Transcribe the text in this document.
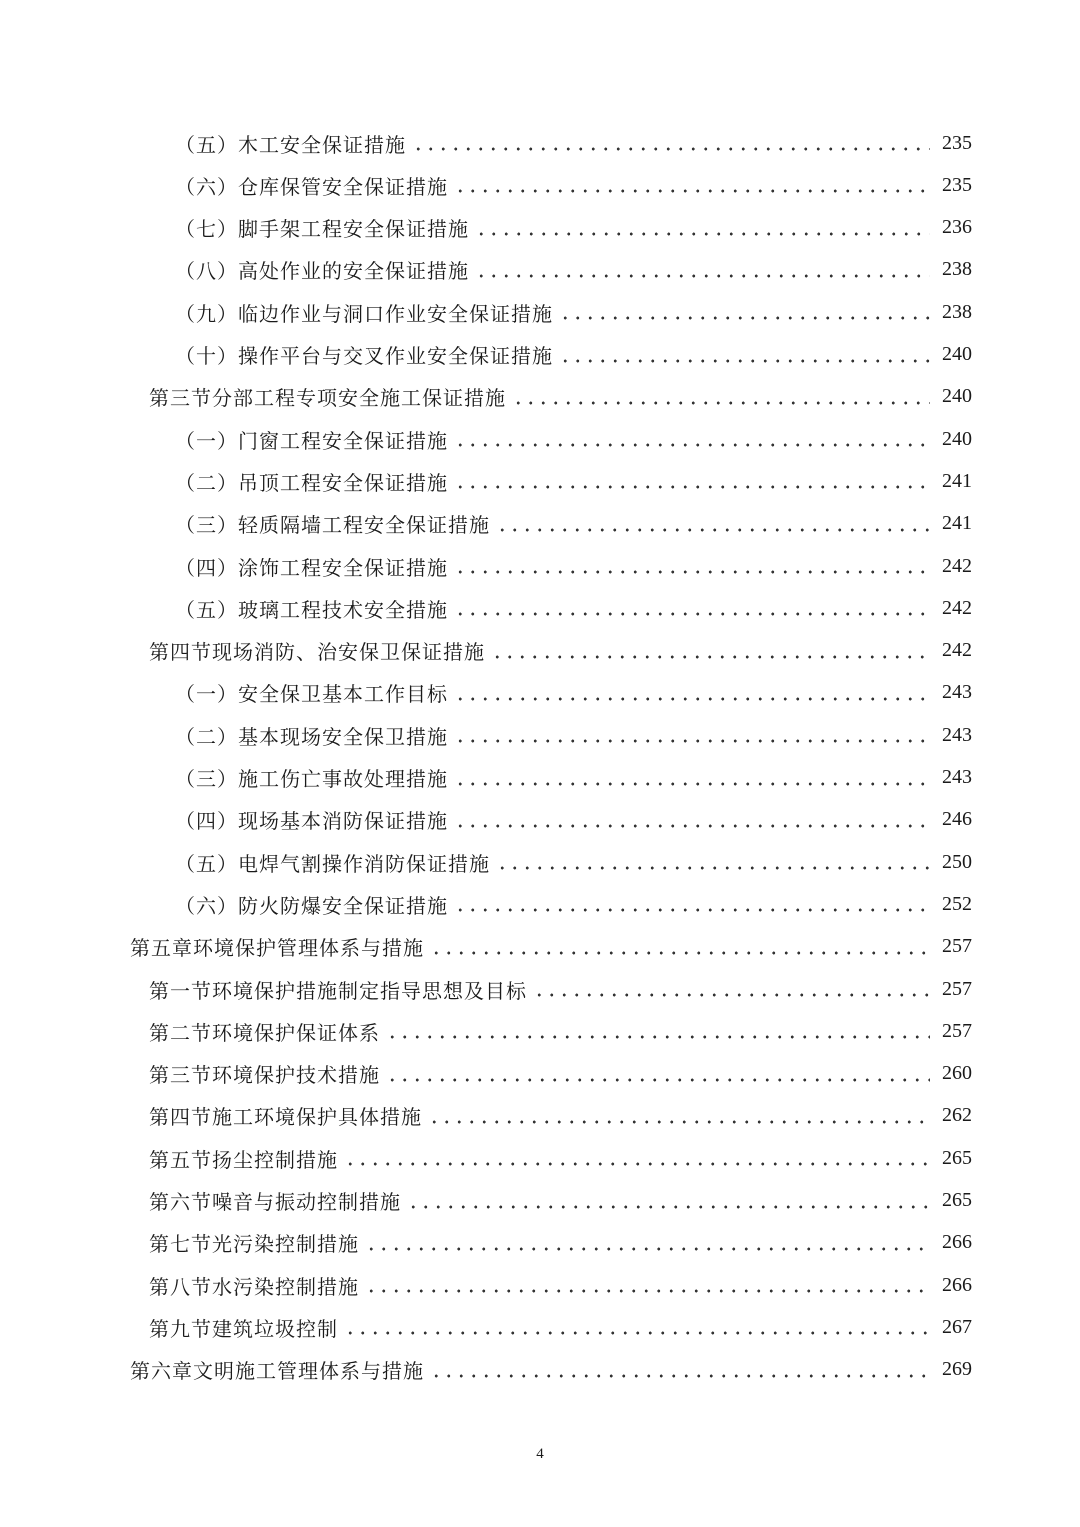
（五）木工安全保证措施	235
（六）仓库保管安全保证措施	235
（七）脚手架工程安全保证措施	236
（八）高处作业的安全保证措施	238
（九）临边作业与洞口作业安全保证措施	238
（十）操作平台与交叉作业安全保证措施	240
第三节分部工程专项安全施工保证措施	240
（一）门窗工程安全保证措施	240
（二）吊顶工程安全保证措施	241
（三）轻质隔墙工程安全保证措施	241
（四）涂饰工程安全保证措施	242
（五）玻璃工程技术安全措施	242
第四节现场消防、治安保卫保证措施	242
（一）安全保卫基本工作目标	243
（二）基本现场安全保卫措施	243
（三）施工伤亡事故处理措施	243
（四）现场基本消防保证措施	246
（五）电焊气割操作消防保证措施	250
（六）防火防爆安全保证措施	252
第五章环境保护管理体系与措施	257
第一节环境保护措施制定指导思想及目标	257
第二节环境保护保证体系	257
第三节环境保护技术措施	260
第四节施工环境保护具体措施	262
第五节扬尘控制措施	265
第六节噪音与振动控制措施	265
第七节光污染控制措施	266
第八节水污染控制措施	266
第九节建筑垃圾控制	267
第六章文明施工管理体系与措施	269
4
